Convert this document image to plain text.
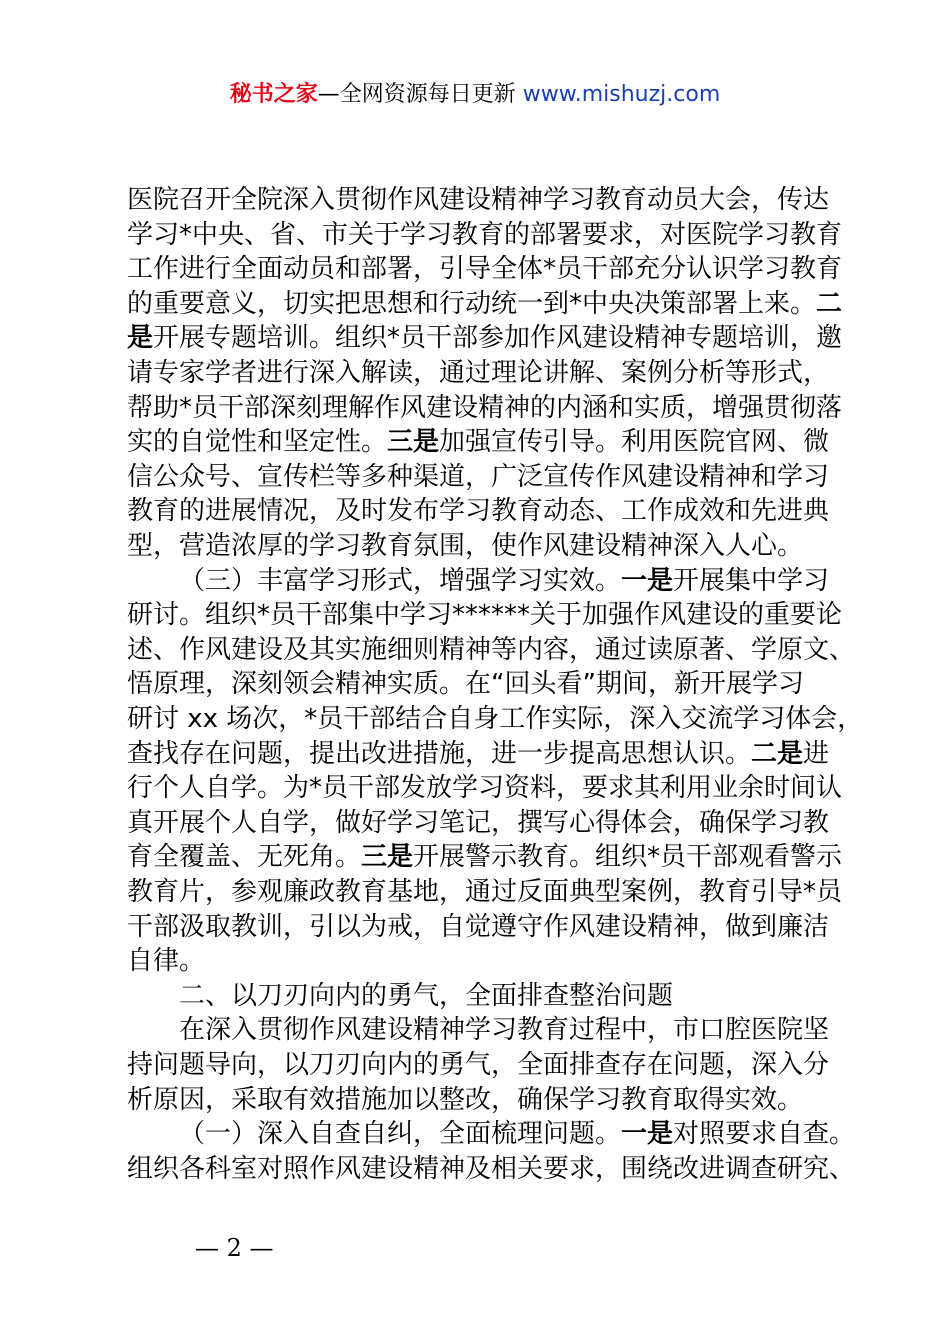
秘书之家—全网资源每日更新 www.mishuzj.com
医院召开全院深入贯彻作风建设精神学习教育动员大会，传达
学习*中央、省、市关于学习教育的部署要求，对医院学习教育
工作进行全面动员和部署，引导全体*员干部充分认识学习教育
的重要意义，切实把思想和行动统一到*中央决策部署上来。二
是开展专题培训。组织*员干部参加作风建设精神专题培训，邀
请专家学者进行深入解读，通过理论讲解、案例分析等形式，
帮助*员干部深刻理解作风建设精神的内涵和实质，增强贯彻落
实的自觉性和坚定性。三是加强宣传引导。利用医院官网、微
信公众号、宣传栏等多种渠道，广泛宣传作风建设精神和学习
教育的进展情况，及时发布学习教育动态、工作成效和先进典
型，营造浓厚的学习教育氛围，使作风建设精神深入人心。
（三）丰富学习形式，增强学习实效。一是开展集中学习
研讨。组织*员干部集中学习******关于加强作风建设的重要论
述、作风建设及其实施细则精神等内容，通过读原著、学原文、
悟原理，深刻领会精神实质。在“回头看”期间，新开展学习
研讨 xx 场次，*员干部结合自身工作实际，深入交流学习体会，
查找存在问题，提出改进措施，进一步提高思想认识。二是进
行个人自学。为*员干部发放学习资料，要求其利用业余时间认
真开展个人自学，做好学习笔记，撰写心得体会，确保学习教
育全覆盖、无死角。三是开展警示教育。组织*员干部观看警示
教育片，参观廉政教育基地，通过反面典型案例，教育引导*员
干部汲取教训，引以为戒，自觉遵守作风建设精神，做到廉洁
自律。
二、以刀刃向内的勇气，全面排查整治问题
在深入贯彻作风建设精神学习教育过程中，市口腔医院坚
持问题导向，以刀刃向内的勇气，全面排查存在问题，深入分
析原因，采取有效措施加以整改，确保学习教育取得实效。
（一）深入自查自纠，全面梳理问题。一是对照要求自查。
组织各科室对照作风建设精神及相关要求，围绕改进调查研究、
— 2 —
